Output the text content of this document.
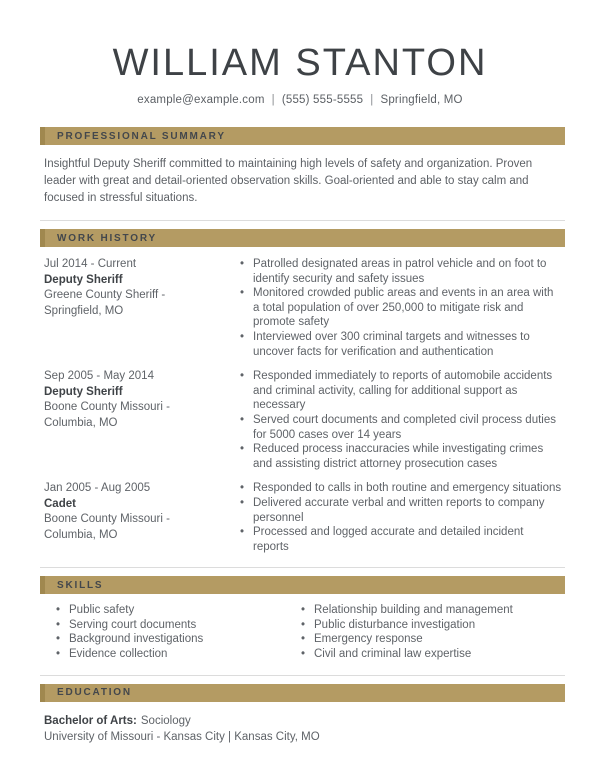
WILLIAM STANTON
example@example.com | (555) 555-5555 | Springfield, MO
PROFESSIONAL SUMMARY

Insightful Deputy Sheriff committed to maintaining high levels of safety and organization. Proven leader with great and detail-oriented observation skills. Goal-oriented and able to stay calm and focused in stressful situations.

WORK HISTORY
Jul 2014 - Current
Deputy Sheriff
Greene County Sheriff -
Springfield, MO
• Patrolled designated areas in patrol vehicle and on foot to identify security and safety issues
• Monitored crowded public areas and events in an area with a total population of over 250,000 to mitigate risk and promote safety
• Interviewed over 300 criminal targets and witnesses to uncover facts for verification and authentication
Sep 2005 - May 2014
Deputy Sheriff
Boone County Missouri -
Columbia, MO
• Responded immediately to reports of automobile accidents and criminal activity, calling for additional support as necessary
• Served court documents and completed civil process duties for 5000 cases over 14 years
• Reduced process inaccuracies while investigating crimes and assisting district attorney prosecution cases
Jan 2005 - Aug 2005
Cadet
Boone County Missouri -
Columbia, MO
• Responded to calls in both routine and emergency situations
• Delivered accurate verbal and written reports to company personnel
• Processed and logged accurate and detailed incident reports
SKILLS
• Public safety
• Serving court documents
• Background investigations
• Evidence collection
• Relationship building and management
• Public disturbance investigation
• Emergency response
• Civil and criminal law expertise
EDUCATION
Bachelor of Arts: Sociology
University of Missouri - Kansas City | Kansas City, MO
